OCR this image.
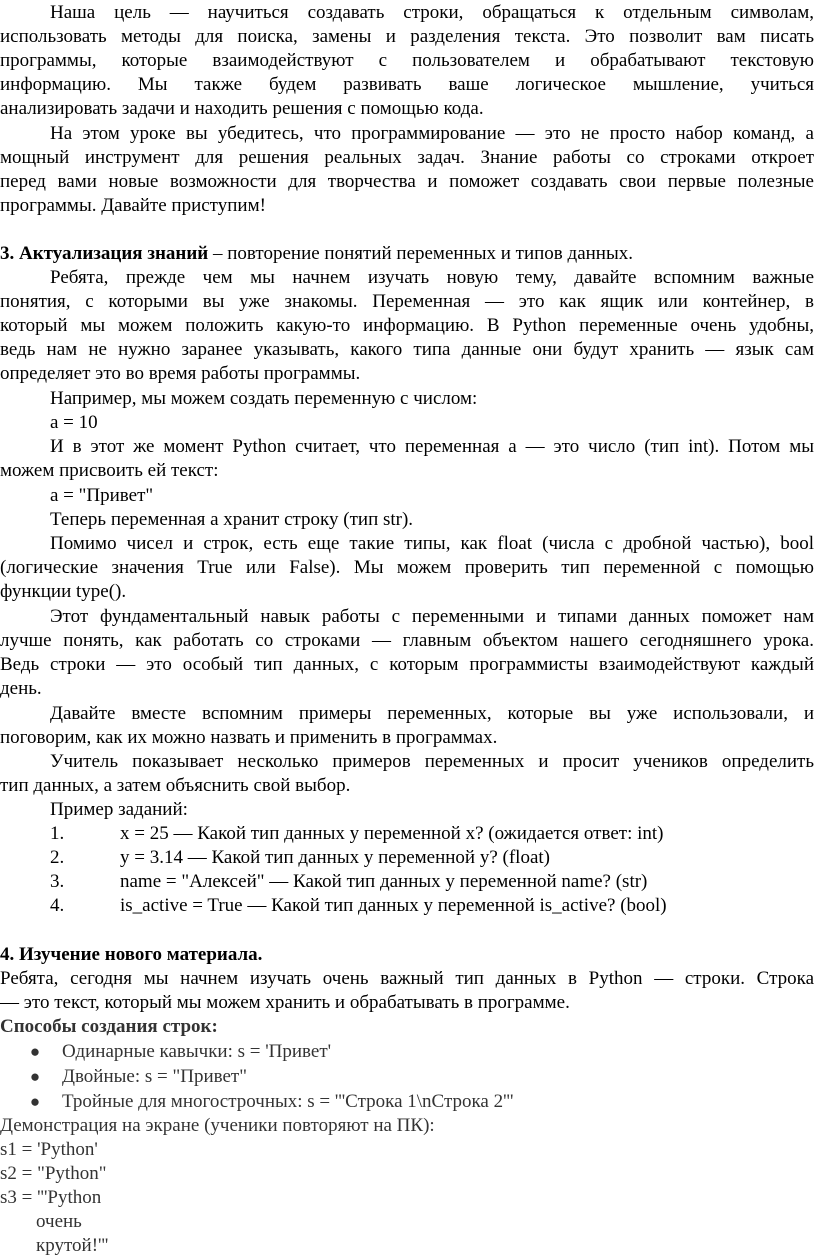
Наша цель — научиться создавать строки, обращаться к отдельным символам,
использовать методы для поиска, замены и разделения текста. Это позволит вам писать
программы, которые взаимодействуют с пользователем и обрабатывают текстовую
информацию. Мы также будем развивать ваше логическое мышление, учиться
анализировать задачи и находить решения с помощью кода.
На этом уроке вы убедитесь, что программирование — это не просто набор команд, а
мощный инструмент для решения реальных задач. Знание работы со строками откроет
перед вами новые возможности для творчества и поможет создавать свои первые полезные
программы. Давайте приступим!
3. Актуализация знаний – повторение понятий переменных и типов данных.
Ребята, прежде чем мы начнем изучать новую тему, давайте вспомним важные
понятия, с которыми вы уже знакомы. Переменная — это как ящик или контейнер, в
который мы можем положить какую-то информацию. В Python переменные очень удобны,
ведь нам не нужно заранее указывать, какого типа данные они будут хранить — язык сам
определяет это во время работы программы.
Например, мы можем создать переменную с числом:
a = 10
И в этот же момент Python считает, что переменная a — это число (тип int). Потом мы
можем присвоить ей текст:
a = "Привет"
Теперь переменная a хранит строку (тип str).
Помимо чисел и строк, есть еще такие типы, как float (числа с дробной частью), bool
(логические значения True или False). Мы можем проверить тип переменной с помощью
функции type().
Этот фундаментальный навык работы с переменными и типами данных поможет нам
лучше понять, как работать со строками — главным объектом нашего сегодняшнего урока.
Ведь строки — это особый тип данных, с которым программисты взаимодействуют каждый
день.
Давайте вместе вспомним примеры переменных, которые вы уже использовали, и
поговорим, как их можно назвать и применить в программах.
Учитель показывает несколько примеров переменных и просит учеников определить
тип данных, а затем объяснить свой выбор.
Пример заданий:
1.	x = 25 — Какой тип данных у переменной x? (ожидается ответ: int)
2.	y = 3.14 — Какой тип данных у переменной y? (float)
3.	name = "Алексей" — Какой тип данных у переменной name? (str)
4.	is_active = True — Какой тип данных у переменной is_active? (bool)
4. Изучение нового материала.
Ребята, сегодня мы начнем изучать очень важный тип данных в Python — строки. Строка
— это текст, который мы можем хранить и обрабатывать в программе.
Способы создания строк:
● Одинарные кавычки: s = 'Привет'
● Двойные: s = "Привет"
● Тройные для многострочных: s = '''Строка 1\nСтрока 2'''
Демонстрация на экране (ученики повторяют на ПК):
s1 = 'Python'
s2 = "Python"
s3 = '''Python
очень
крутой!'''
